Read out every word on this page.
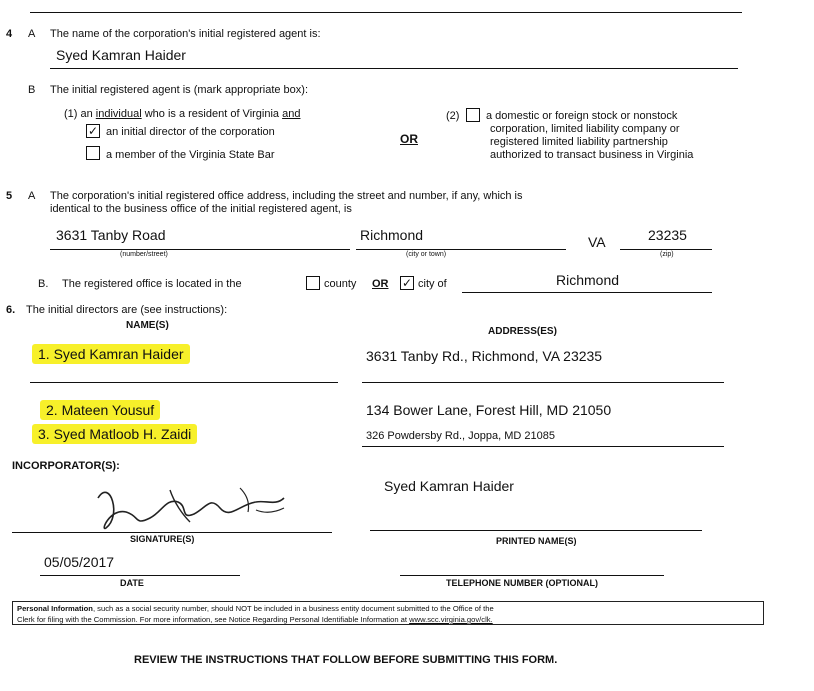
4 A The name of the corporation's initial registered agent is:
Syed Kamran Haider
B The initial registered agent is (mark appropriate box):
(1) an individual who is a resident of Virginia and
✓ an initial director of the corporation
a member of the Virginia State Bar
OR
(2) a domestic or foreign stock or nonstock
corporation, limited liability company or
registered limited liability partnership
authorized to transact business in Virginia
5 A The corporation's initial registered office address, including the street and number, if any, which is
identical to the business office of the initial registered agent, is
3631 Tanby Road	Richmond	VA	23235
(number/street)	(city or town)	(zip)
B. The registered office is located in the	county OR ✓ city of	Richmond
6. The initial directors are (see instructions):
NAME(S)
ADDRESS(ES)
1. Syed Kamran Haider	3631 Tanby Rd., Richmond, VA 23235
2. Mateen Yousuf	134 Bower Lane, Forest Hill, MD 21050
3. Syed Matloob H. Zaidi	326 Powdersby Rd., Joppa, MD 21085
INCORPORATOR(S):
Syed Kamran Haider
SIGNATURE(S)	PRINTED NAME(S)
05/05/2017
DATE	TELEPHONE NUMBER (OPTIONAL)
Personal Information, such as a social security number, should NOT be included in a business entity document submitted to the Office of the
Clerk for filing with the Commission. For more information, see Notice Regarding Personal Identifiable Information at www.scc.virginia.gov/clk.
REVIEW THE INSTRUCTIONS THAT FOLLOW BEFORE SUBMITTING THIS FORM.
